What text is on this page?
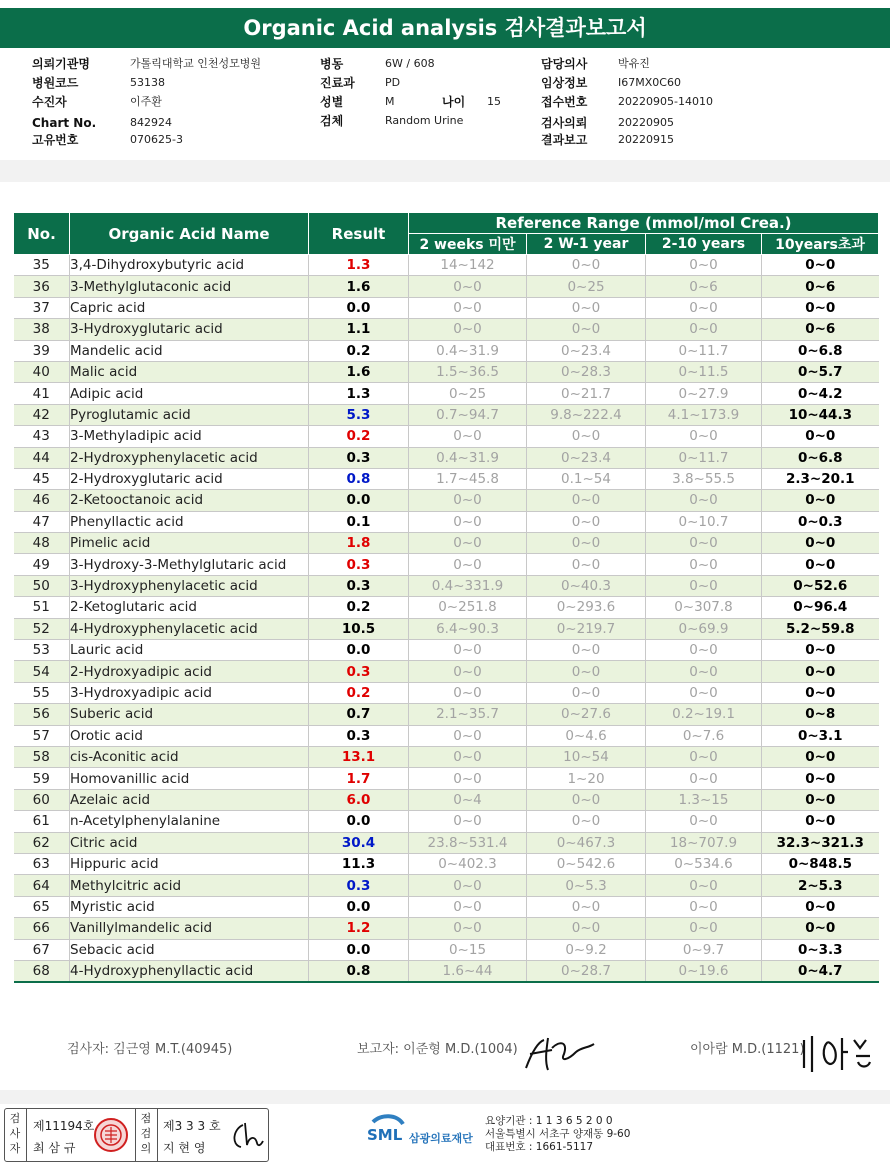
Organic Acid analysis 검사결과보고서
의뢰기관명	가톨릭대학교 인천성모병원
병원코드	53138
수진자	이주환
Chart No.	842924
고유번호	070625-3
병동	6W / 608
진료과	PD
성별	M	나이 15
검체	Random Urine
담당의사	박유진
임상정보	I67MX0C60
접수번호	20220905-14010
검사의뢰	20220905
결과보고	20220915
No.	Organic Acid Name	Result	Reference Range (mmol/mol Crea.)			
			2 weeks 미만	2 W-1 year	2-10 years	10years초과
35	3,4-Dihydroxybutyric acid	1.3	14~142	0~0	0~0	0~0
36	3-Methylglutaconic acid	1.6	0~0	0~25	0~6	0~6
37	Capric acid	0.0	0~0	0~0	0~0	0~0
38	3-Hydroxyglutaric acid	1.1	0~0	0~0	0~0	0~6
39	Mandelic acid	0.2	0.4~31.9	0~23.4	0~11.7	0~6.8
40	Malic acid	1.6	1.5~36.5	0~28.3	0~11.5	0~5.7
41	Adipic acid	1.3	0~25	0~21.7	0~27.9	0~4.2
42	Pyroglutamic acid	5.3	0.7~94.7	9.8~222.4	4.1~173.9	10~44.3
43	3-Methyladipic acid	0.2	0~0	0~0	0~0	0~0
44	2-Hydroxyphenylacetic acid	0.3	0.4~31.9	0~23.4	0~11.7	0~6.8
45	2-Hydroxyglutaric acid	0.8	1.7~45.8	0.1~54	3.8~55.5	2.3~20.1
46	2-Ketooctanoic acid	0.0	0~0	0~0	0~0	0~0
47	Phenyllactic acid	0.1	0~0	0~0	0~10.7	0~0.3
48	Pimelic acid	1.8	0~0	0~0	0~0	0~0
49	3-Hydroxy-3-Methylglutaric acid	0.3	0~0	0~0	0~0	0~0
50	3-Hydroxyphenylacetic acid	0.3	0.4~331.9	0~40.3	0~0	0~52.6
51	2-Ketoglutaric acid	0.2	0~251.8	0~293.6	0~307.8	0~96.4
52	4-Hydroxyphenylacetic acid	10.5	6.4~90.3	0~219.7	0~69.9	5.2~59.8
53	Lauric acid	0.0	0~0	0~0	0~0	0~0
54	2-Hydroxyadipic acid	0.3	0~0	0~0	0~0	0~0
55	3-Hydroxyadipic acid	0.2	0~0	0~0	0~0	0~0
56	Suberic acid	0.7	2.1~35.7	0~27.6	0.2~19.1	0~8
57	Orotic acid	0.3	0~0	0~4.6	0~7.6	0~3.1
58	cis-Aconitic acid	13.1	0~0	10~54	0~0	0~0
59	Homovanillic acid	1.7	0~0	1~20	0~0	0~0
60	Azelaic acid	6.0	0~4	0~0	1.3~15	0~0
61	n-Acetylphenylalanine	0.0	0~0	0~0	0~0	0~0
62	Citric acid	30.4	23.8~531.4	0~467.3	18~707.9	32.3~321.3
63	Hippuric acid	11.3	0~402.3	0~542.6	0~534.6	0~848.5
64	Methylcitric acid	0.3	0~0	0~5.3	0~0	2~5.3
65	Myristic acid	0.0	0~0	0~0	0~0	0~0
66	Vanillylmandelic acid	1.2	0~0	0~0	0~0	0~0
67	Sebacic acid	0.0	0~15	0~9.2	0~9.7	0~3.3
68	4-Hydroxyphenyllactic acid	0.8	1.6~44	0~28.7	0~19.6	0~4.7
검사자: 김근영 M.T.(40945)	보고자: 이준형 M.D.(1004)	이아람 M.D.(1121)
검사자
제11194호
최 삼 규
점검의
제3 3 3 호
지 현 영
SML 삼광의료재단
요양기관 : 1 1 3 6 5 2 0 0
서울특별시 서초구 양재동 9-60
대표번호 : 1661-5117
